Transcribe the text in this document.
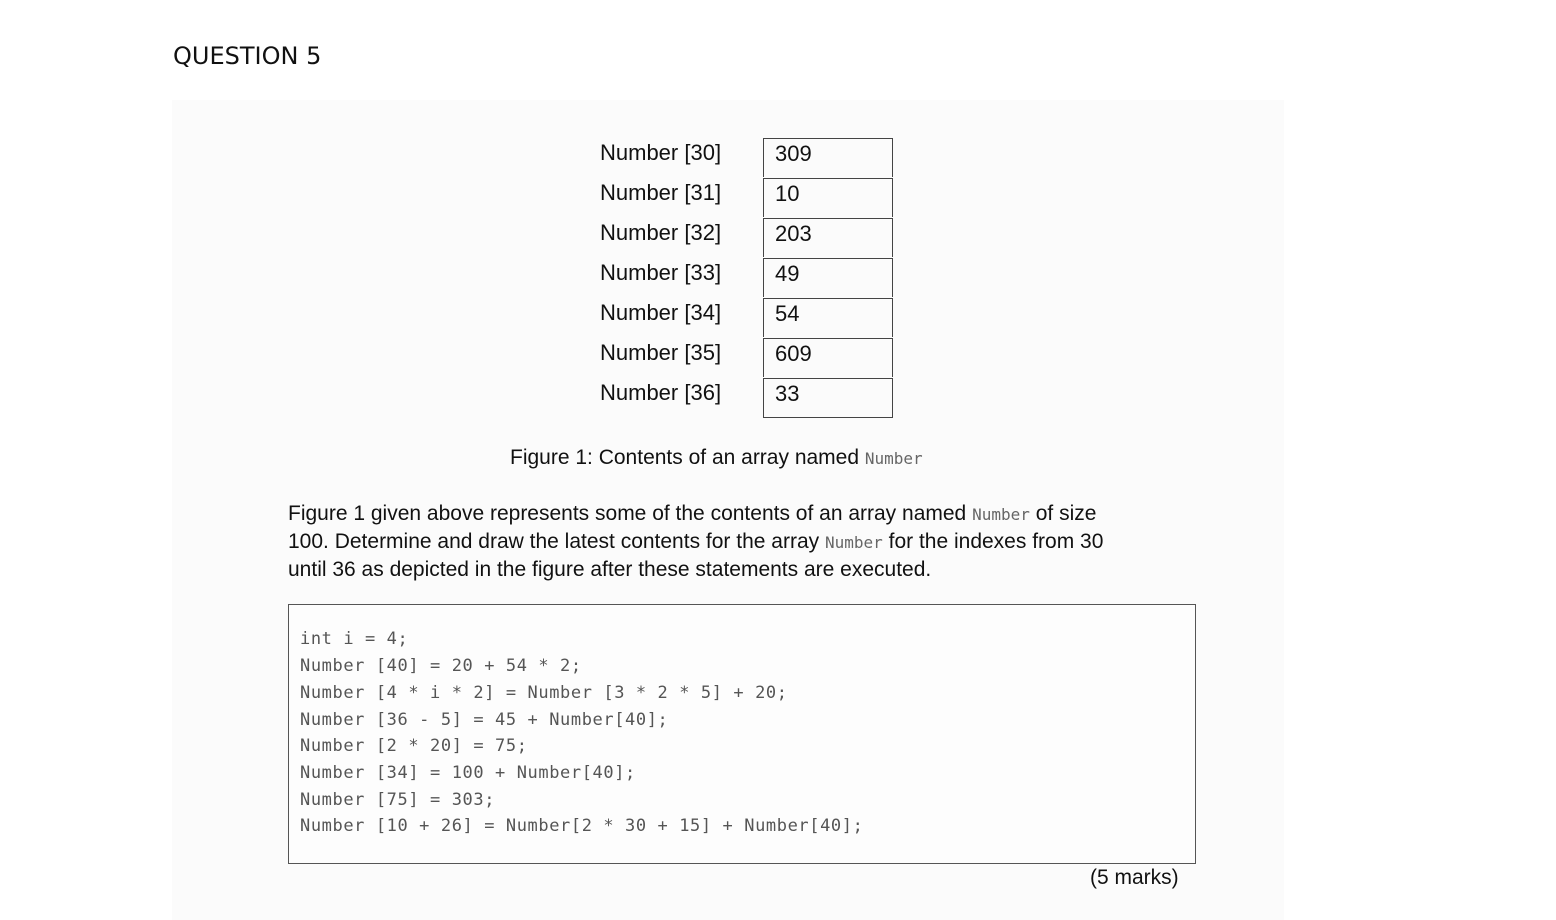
QUESTION 5
Number [30] 309
Number [31] 10
Number [32] 203
Number [33] 49
Number [34] 54
Number [35] 609
Number [36] 33
Figure 1: Contents of an array named Number
Figure 1 given above represents some of the contents of an array named Number of size
100. Determine and draw the latest contents for the array Number for the indexes from 30
until 36 as depicted in the figure after these statements are executed.
int i = 4;
Number [40] = 20 + 54 * 2;
Number [4 * i * 2] = Number [3 * 2 * 5] + 20;
Number [36 - 5] = 45 + Number[40];
Number [2 * 20] = 75;
Number [34] = 100 + Number[40];
Number [75] = 303;
Number [10 + 26] = Number[2 * 30 + 15] + Number[40];
(5 marks)
